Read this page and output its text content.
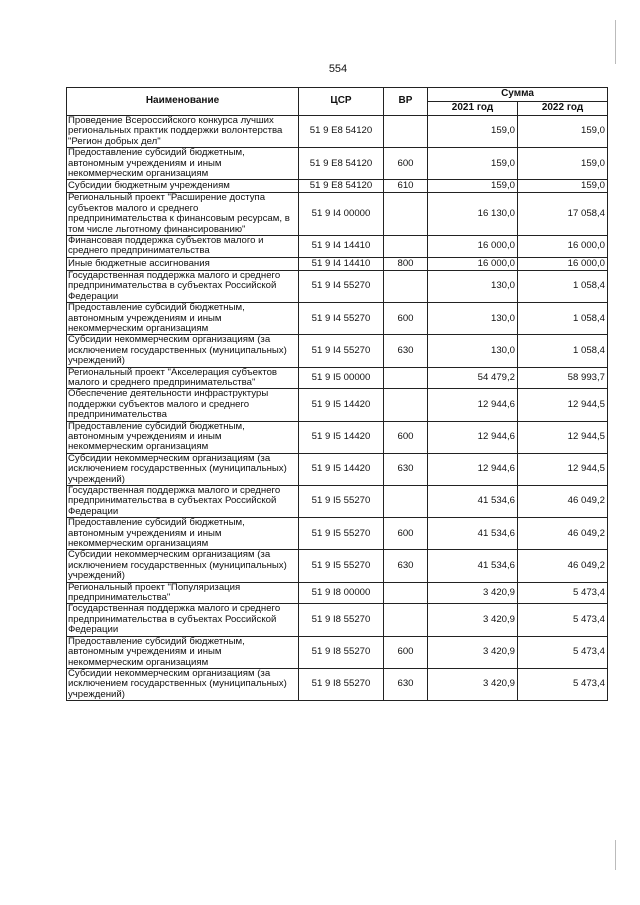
554
Наименование	ЦСР	ВР	Сумма	
			2021 год	2022 год
Проведение Всероссийского конкурса лучших региональных практик поддержки волонтерства "Регион добрых дел"	51 9 E8 54120		159,0	159,0
Предоставление субсидий бюджетным, автономным учреждениям и иным некоммерческим организациям	51 9 E8 54120	600	159,0	159,0
Субсидии бюджетным учреждениям	51 9 E8 54120	610	159,0	159,0
Региональный проект "Расширение доступа субъектов малого и среднего предпринимательства к финансовым ресурсам, в том числе льготному финансированию"	51 9 I4 00000		16 130,0	17 058,4
Финансовая поддержка субъектов малого и среднего предпринимательства	51 9 I4 14410		16 000,0	16 000,0
Иные бюджетные ассигнования	51 9 I4 14410	800	16 000,0	16 000,0
Государственная поддержка малого и среднего предпринимательства в субъектах Российской Федерации	51 9 I4 55270		130,0	1 058,4
Предоставление субсидий бюджетным, автономным учреждениям и иным некоммерческим организациям	51 9 I4 55270	600	130,0	1 058,4
Субсидии некоммерческим организациям (за исключением государственных (муниципальных) учреждений)	51 9 I4 55270	630	130,0	1 058,4
Региональный проект "Акселерация субъектов малого и среднего предпринимательства"	51 9 I5 00000		54 479,2	58 993,7
Обеспечение деятельности инфраструктуры поддержки субъектов малого и среднего предпринимательства	51 9 I5 14420		12 944,6	12 944,5
Предоставление субсидий бюджетным, автономным учреждениям и иным некоммерческим организациям	51 9 I5 14420	600	12 944,6	12 944,5
Субсидии некоммерческим организациям (за исключением государственных (муниципальных) учреждений)	51 9 I5 14420	630	12 944,6	12 944,5
Государственная поддержка малого и среднего предпринимательства в субъектах Российской Федерации	51 9 I5 55270		41 534,6	46 049,2
Предоставление субсидий бюджетным, автономным учреждениям и иным некоммерческим организациям	51 9 I5 55270	600	41 534,6	46 049,2
Субсидии некоммерческим организациям (за исключением государственных (муниципальных) учреждений)	51 9 I5 55270	630	41 534,6	46 049,2
Региональный проект "Популяризация предпринимательства"	51 9 I8 00000		3 420,9	5 473,4
Государственная поддержка малого и среднего предпринимательства в субъектах Российской Федерации	51 9 I8 55270		3 420,9	5 473,4
Предоставление субсидий бюджетным, автономным учреждениям и иным некоммерческим организациям	51 9 I8 55270	600	3 420,9	5 473,4
Субсидии некоммерческим организациям (за исключением государственных (муниципальных) учреждений)	51 9 I8 55270	630	3 420,9	5 473,4
